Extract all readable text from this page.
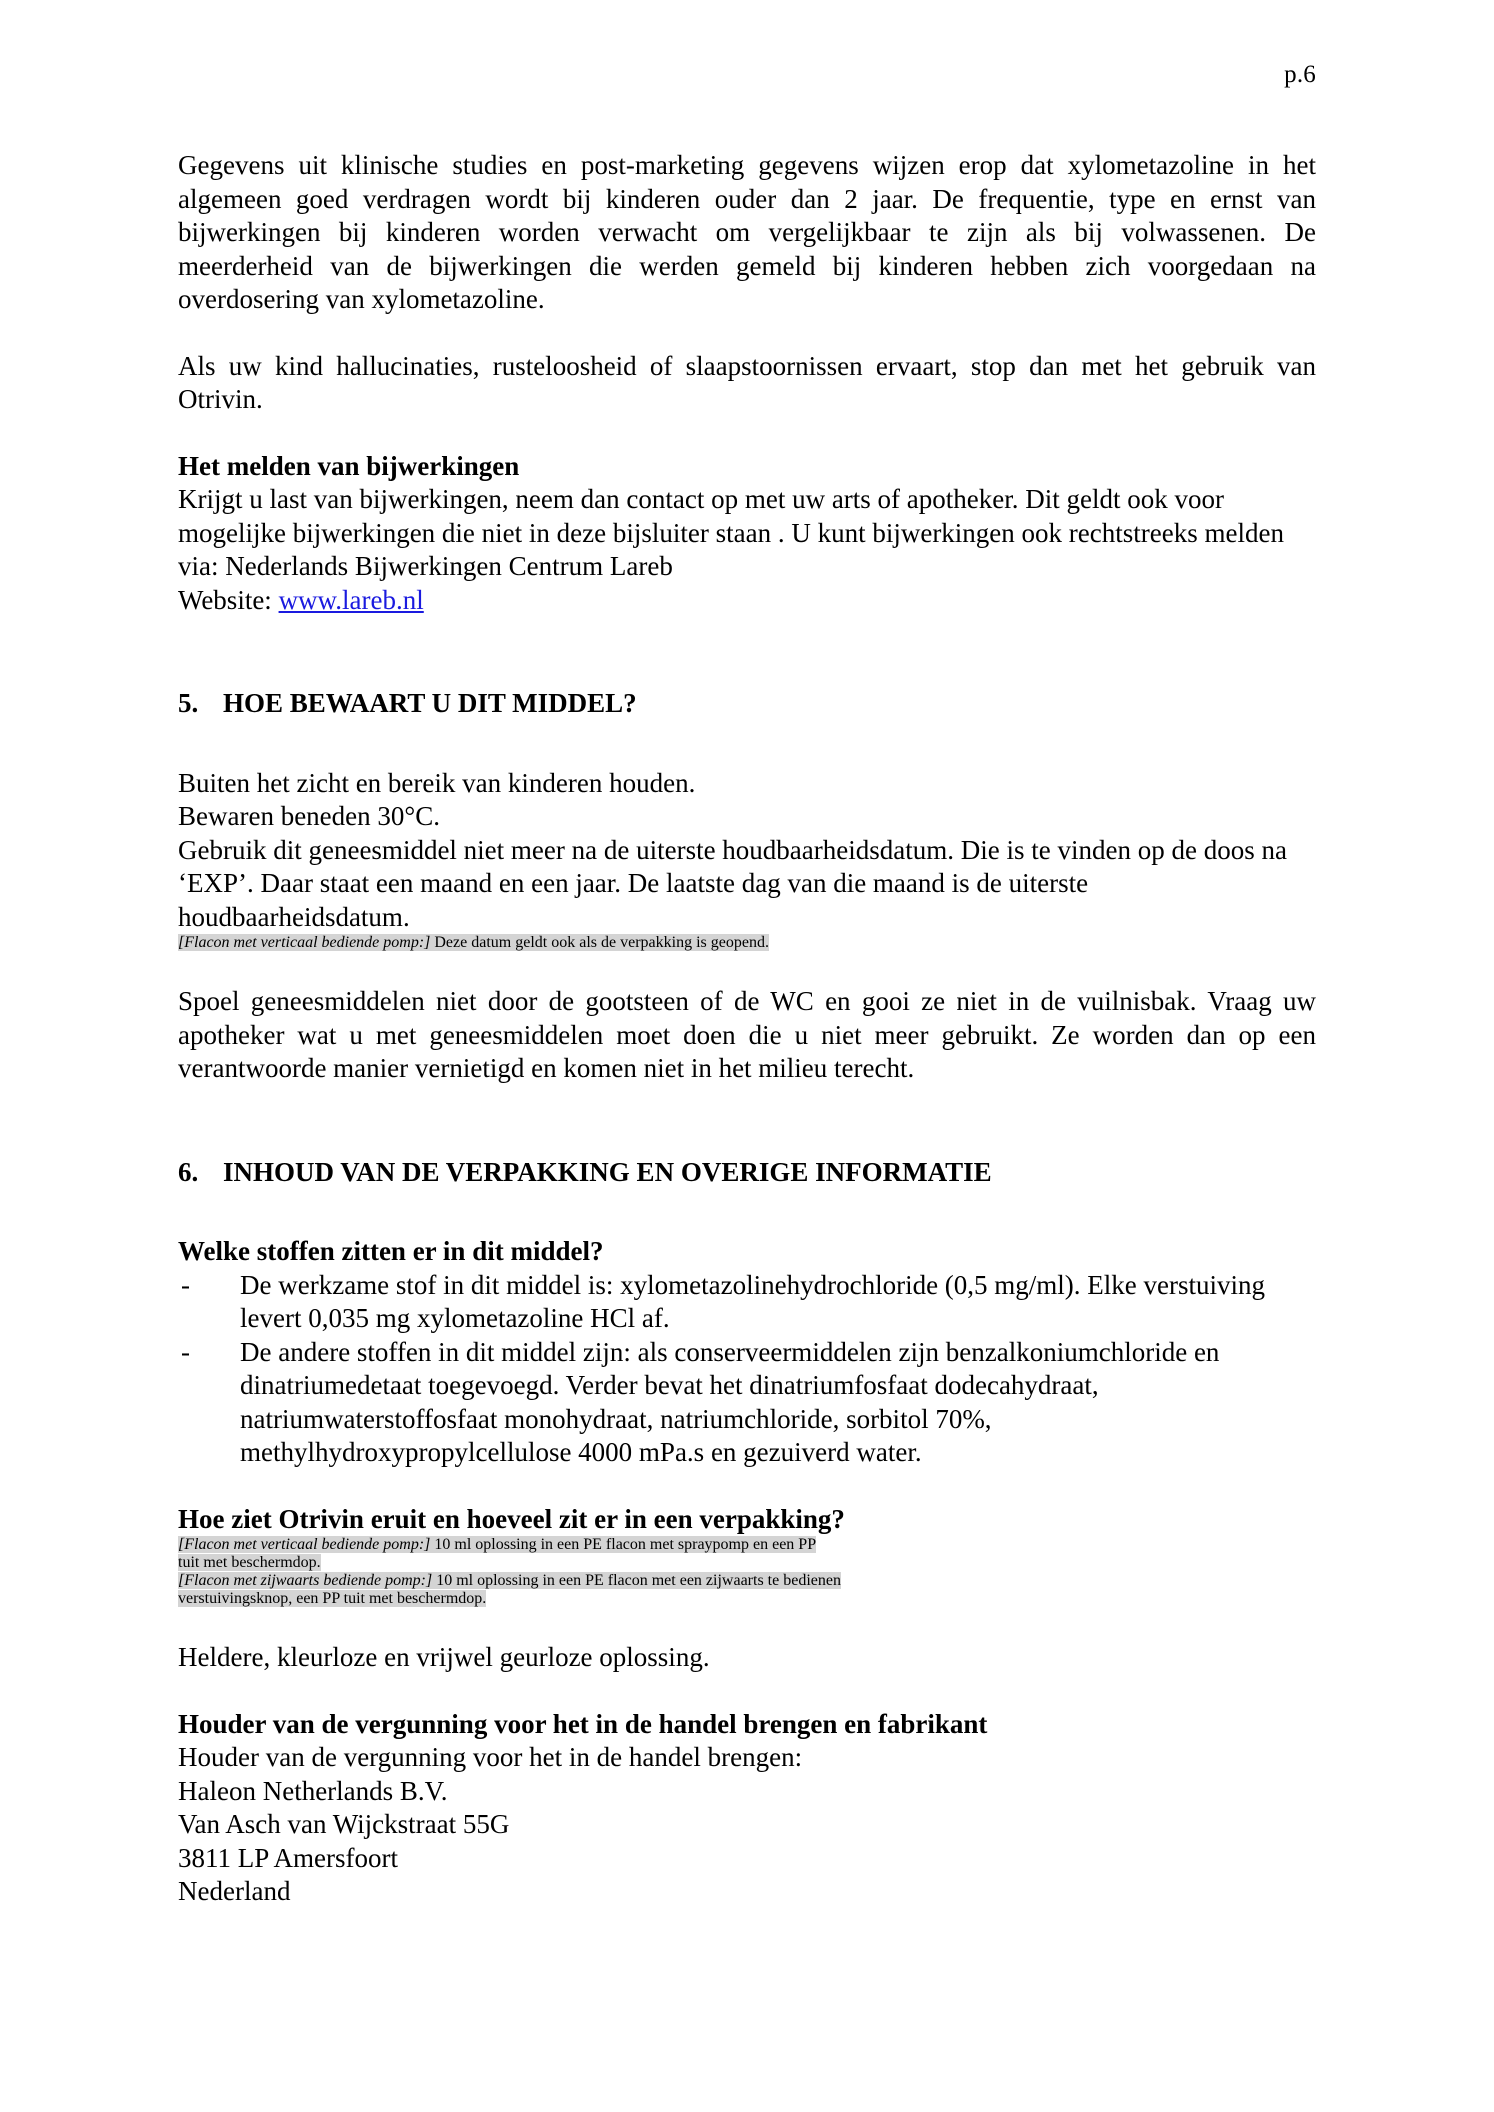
p.6

Gegevens uit klinische studies en post-marketing gegevens wijzen erop dat xylometazoline in het algemeen goed verdragen wordt bij kinderen ouder dan 2 jaar. De frequentie, type en ernst van bijwerkingen bij kinderen worden verwacht om vergelijkbaar te zijn als bij volwassenen. De meerderheid van de bijwerkingen die werden gemeld bij kinderen hebben zich voorgedaan na overdosering van xylometazoline.

Als uw kind hallucinaties, rusteloosheid of slaapstoornissen ervaart, stop dan met het gebruik van Otrivin.

Het melden van bijwerkingen

Krijgt u last van bijwerkingen, neem dan contact op met uw arts of apotheker. Dit geldt ook voor mogelijke bijwerkingen die niet in deze bijsluiter staan . U kunt bijwerkingen ook rechtstreeks melden via: Nederlands Bijwerkingen Centrum Lareb

Website: www.lareb.nl

5. HOE BEWAART U DIT MIDDEL?
Buiten het zicht en bereik van kinderen houden.
Bewaren beneden 30°C.
Gebruik dit geneesmiddel niet meer na de uiterste houdbaarheidsdatum. Die is te vinden op de doos na
‘EXP’. Daar staat een maand en een jaar. De laatste dag van die maand is de uiterste
houdbaarheidsdatum.
[Flacon met verticaal bediende pomp:] Deze datum geldt ook als de verpakking is geopend.

Spoel geneesmiddelen niet door de gootsteen of de WC en gooi ze niet in de vuilnisbak. Vraag uw apotheker wat u met geneesmiddelen moet doen die u niet meer gebruikt. Ze worden dan op een verantwoorde manier vernietigd en komen niet in het milieu terecht.

6. INHOUD VAN DE VERPAKKING EN OVERIGE INFORMATIE
Welke stoffen zitten er in dit middel?
- De werkzame stof in dit middel is: xylometazolinehydrochloride (0,5 mg/ml). Elke verstuiving levert 0,035 mg xylometazoline HCl af.
- De andere stoffen in dit middel zijn: als conserveermiddelen zijn benzalkoniumchloride en dinatriumedetaat toegevoegd. Verder bevat het dinatriumfosfaat dodecahydraat, natriumwaterstoffosfaat monohydraat, natriumchloride, sorbitol 70%, methylhydroxypropylcellulose 4000 mPa.s en gezuiverd water.
Hoe ziet Otrivin eruit en hoeveel zit er in een verpakking?
[Flacon met verticaal bediende pomp:] 10 ml oplossing in een PE flacon met spraypomp en een PP
tuit met beschermdop.
[Flacon met zijwaarts bediende pomp:] 10 ml oplossing in een PE flacon met een zijwaarts te bedienen
verstuivingsknop, een PP tuit met beschermdop.

Heldere, kleurloze en vrijwel geurloze oplossing.

Houder van de vergunning voor het in de handel brengen en fabrikant
Houder van de vergunning voor het in de handel brengen:
Haleon Netherlands B.V.
Van Asch van Wijckstraat 55G
3811 LP Amersfoort
Nederland
